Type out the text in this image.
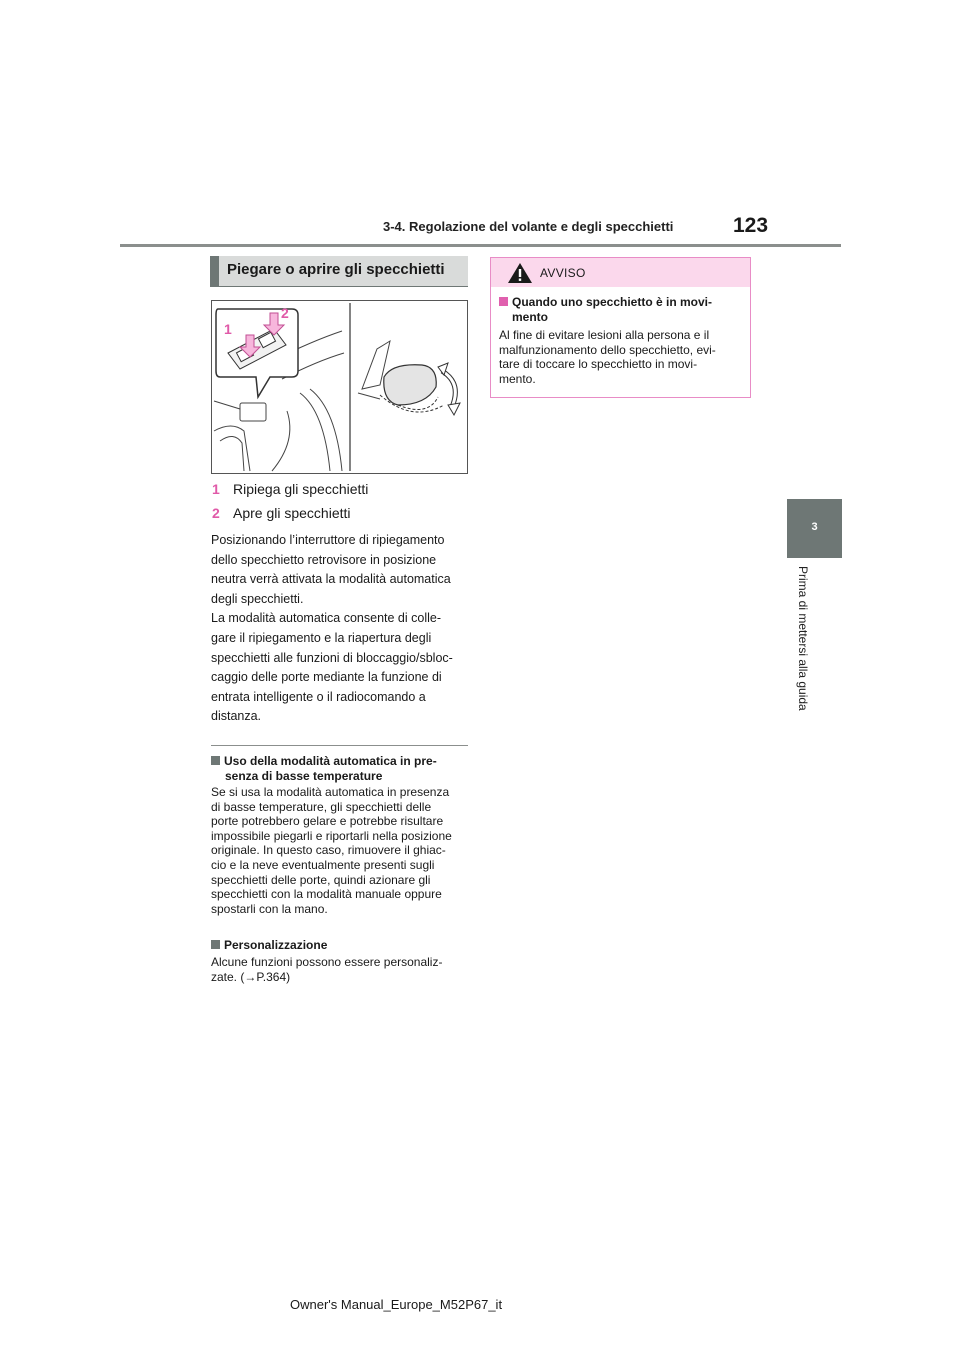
3-4. Regolazione del volante e degli specchietti	123
3
Prima di mettersi alla guida
Piegare o aprire gli specchietti
1
2
1 Ripiega gli specchietti
2 Apre gli specchietti

Posizionando l’interruttore di ripiegamento

dello specchietto retrovisore in posizione

neutra verrà attivata la modalità automatica

degli specchietti.

La modalità automatica consente di colle-

gare il ripiegamento e la riapertura degli

specchietti alle funzioni di bloccaggio/sbloc-

caggio delle porte mediante la funzione di

entrata intelligente o il radiocomando a

distanza.

Uso della modalità automatica in pre-
senza di basse temperature

Se si usa la modalità automatica in presenza

di basse temperature, gli specchietti delle

porte potrebbero gelare e potrebbe risultare

impossibile piegarli e riportarli nella posizione

originale. In questo caso, rimuovere il ghiac-

cio e la neve eventualmente presenti sugli

specchietti delle porte, quindi azionare gli

specchietti con la modalità manuale oppure

spostarli con la mano.

Personalizzazione

Alcune funzioni possono essere personaliz-

zate. (→P.364)

AVVISO
Quando uno specchietto è in movi-
mento

Al fine di evitare lesioni alla persona e il

malfunzionamento dello specchietto, evi-

tare di toccare lo specchietto in movi-

mento.

Owner's Manual_Europe_M52P67_it
